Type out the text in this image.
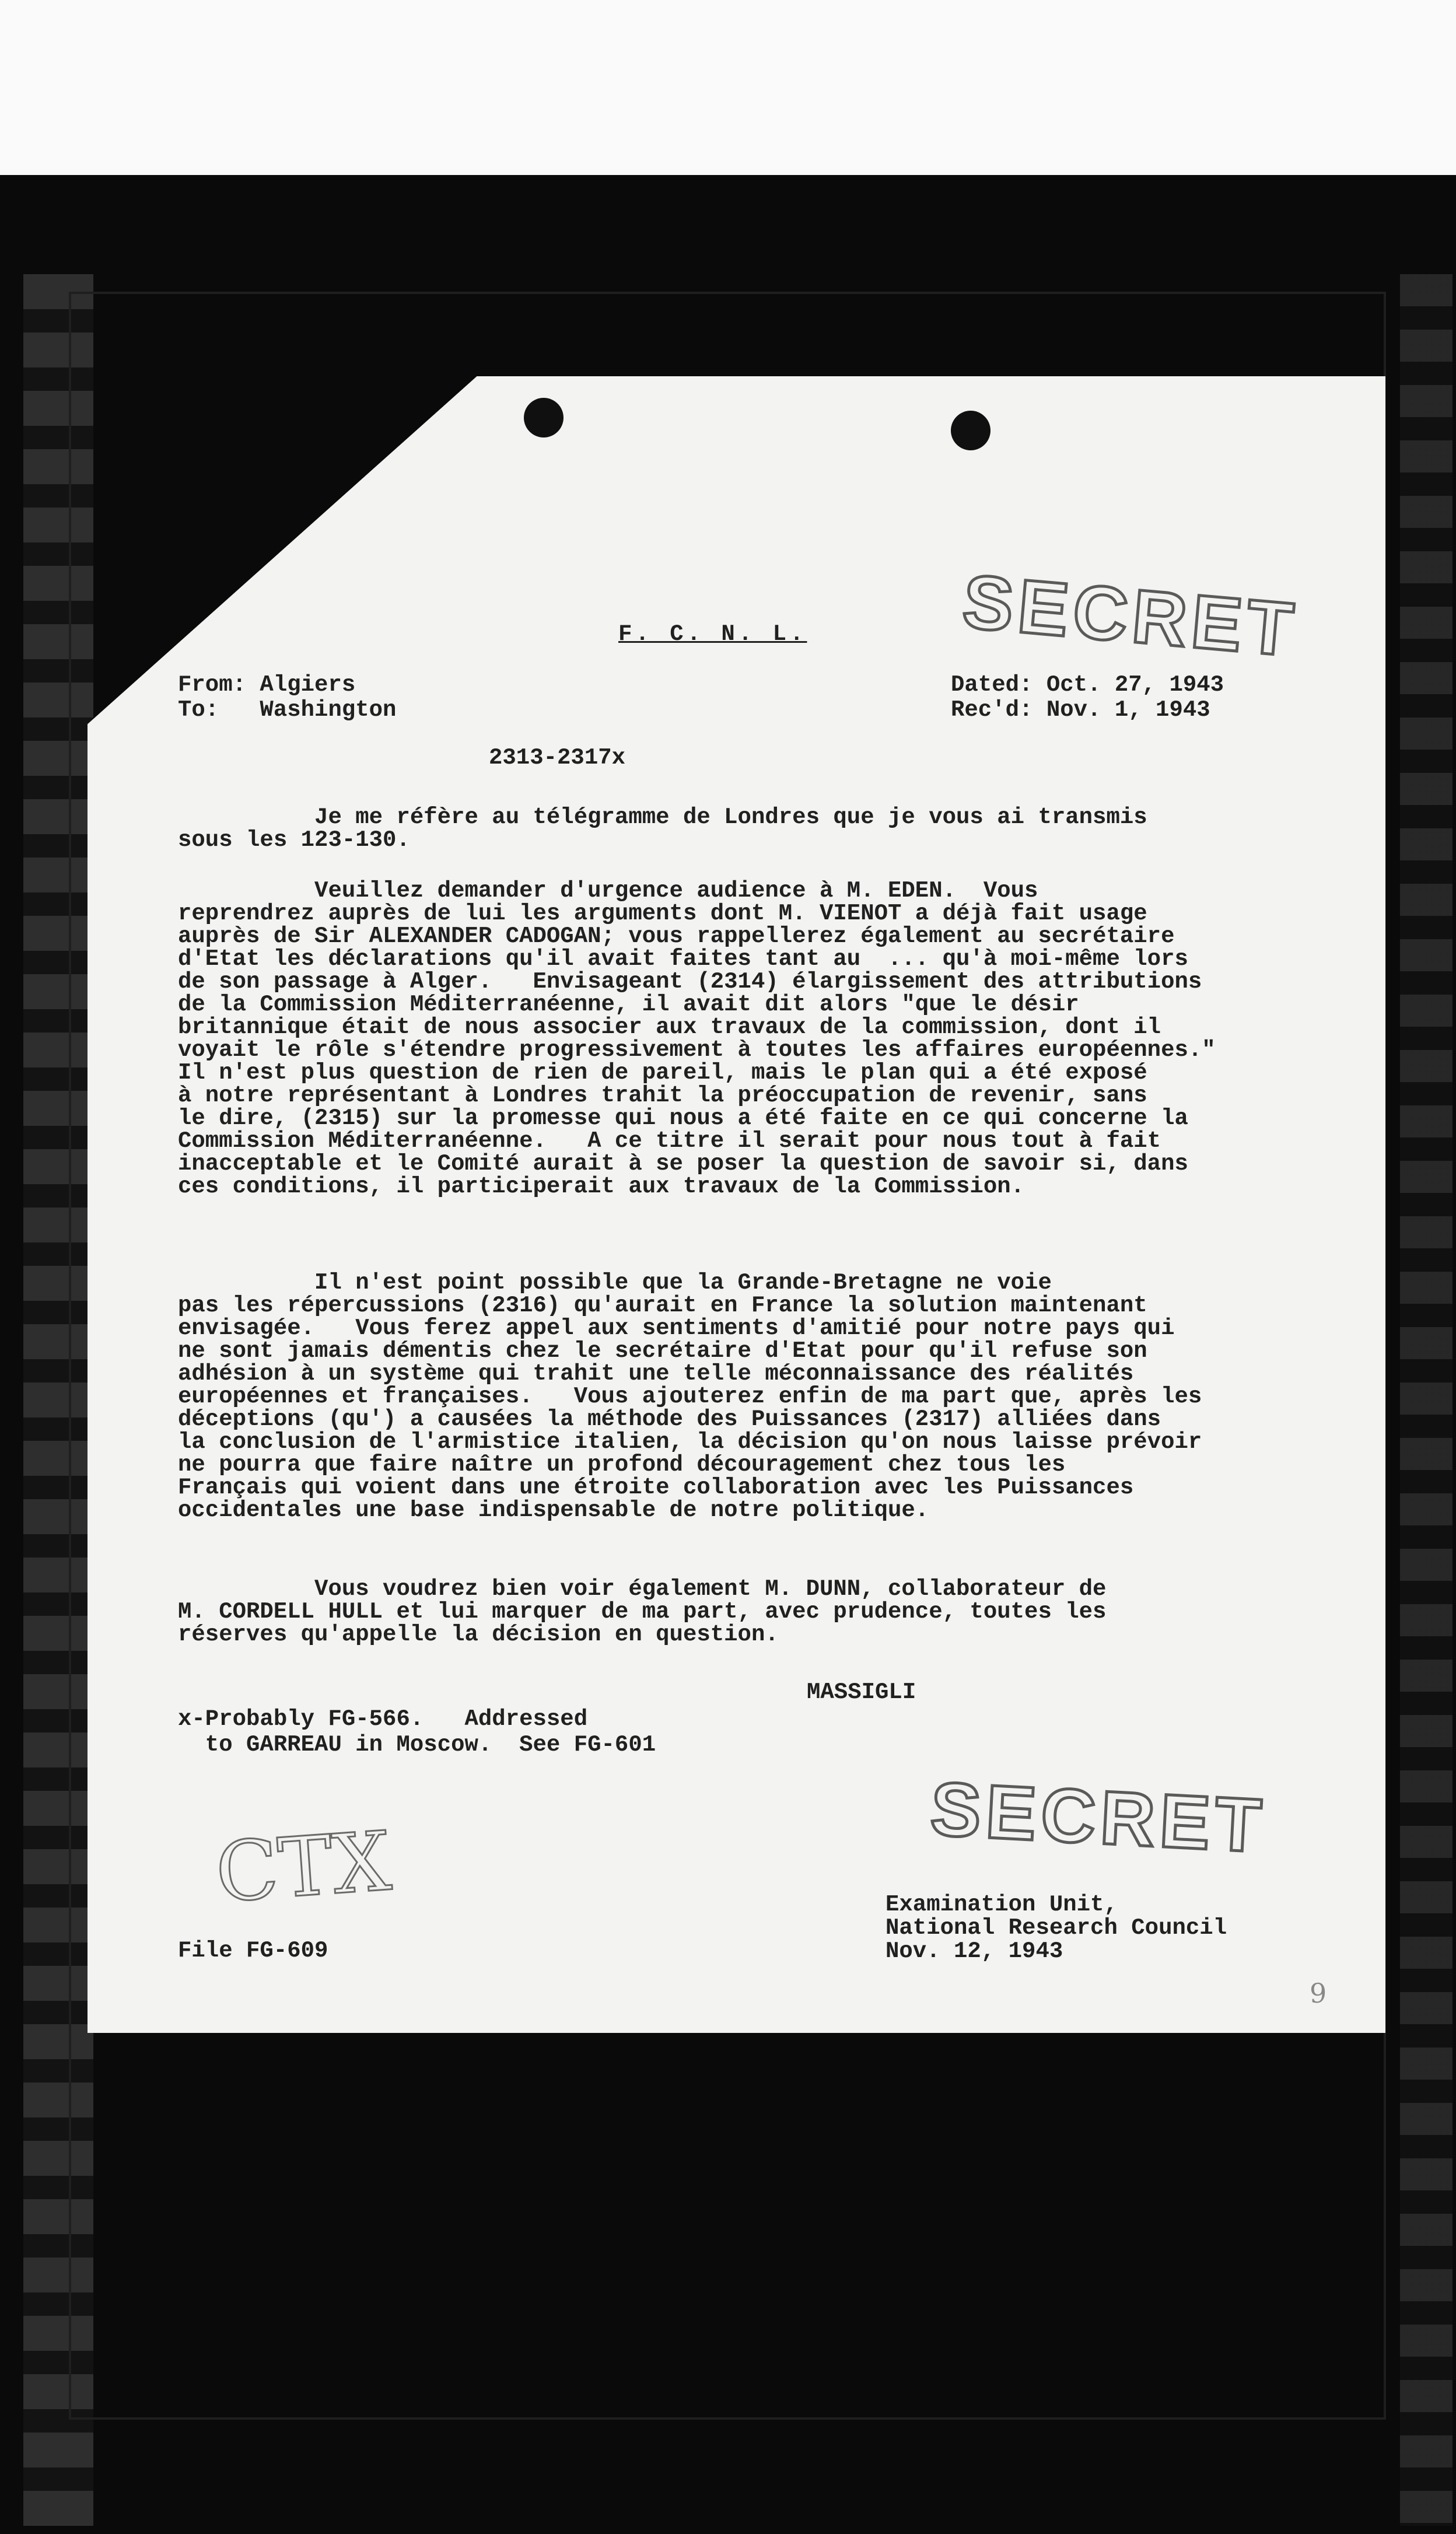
SECRET
F. C. N. L.
From: Algiers
To:   Washington
Dated: Oct. 27, 1943
Rec'd: Nov. 1, 1943
2313-2317x
Je me réfère au télégramme de Londres que je vous ai transmis
sous les 123-130.
Veuillez demander d'urgence audience à M. EDEN.  Vous
reprendrez auprès de lui les arguments dont M. VIENOT a déjà fait usage
auprès de Sir ALEXANDER CADOGAN; vous rappellerez également au secrétaire
d'Etat les déclarations qu'il avait faites tant au  ... qu'à moi-même lors
de son passage à Alger.   Envisageant (2314) élargissement des attributions
de la Commission Méditerranéenne, il avait dit alors "que le désir
britannique était de nous associer aux travaux de la commission, dont il
voyait le rôle s'étendre progressivement à toutes les affaires européennes."
Il n'est plus question de rien de pareil, mais le plan qui a été exposé
à notre représentant à Londres trahit la préoccupation de revenir, sans
le dire, (2315) sur la promesse qui nous a été faite en ce qui concerne la
Commission Méditerranéenne.   A ce titre il serait pour nous tout à fait
inacceptable et le Comité aurait à se poser la question de savoir si, dans
ces conditions, il participerait aux travaux de la Commission.
Il n'est point possible que la Grande-Bretagne ne voie
pas les répercussions (2316) qu'aurait en France la solution maintenant
envisagée.   Vous ferez appel aux sentiments d'amitié pour notre pays qui
ne sont jamais démentis chez le secrétaire d'Etat pour qu'il refuse son
adhésion à un système qui trahit une telle méconnaissance des réalités
européennes et françaises.   Vous ajouterez enfin de ma part que, après les
déceptions (qu') a causées la méthode des Puissances (2317) alliées dans
la conclusion de l'armistice italien, la décision qu'on nous laisse prévoir
ne pourra que faire naître un profond découragement chez tous les
Français qui voient dans une étroite collaboration avec les Puissances
occidentales une base indispensable de notre politique.
Vous voudrez bien voir également M. DUNN, collaborateur de
M. CORDELL HULL et lui marquer de ma part, avec prudence, toutes les
réserves qu'appelle la décision en question.
MASSIGLI
x-Probably FG-566.   Addressed
to GARREAU in Moscow.  See FG-601
SECRET
CTX	Examination Unit,
National Research Council
Nov. 12, 1943
File FG-609
9
